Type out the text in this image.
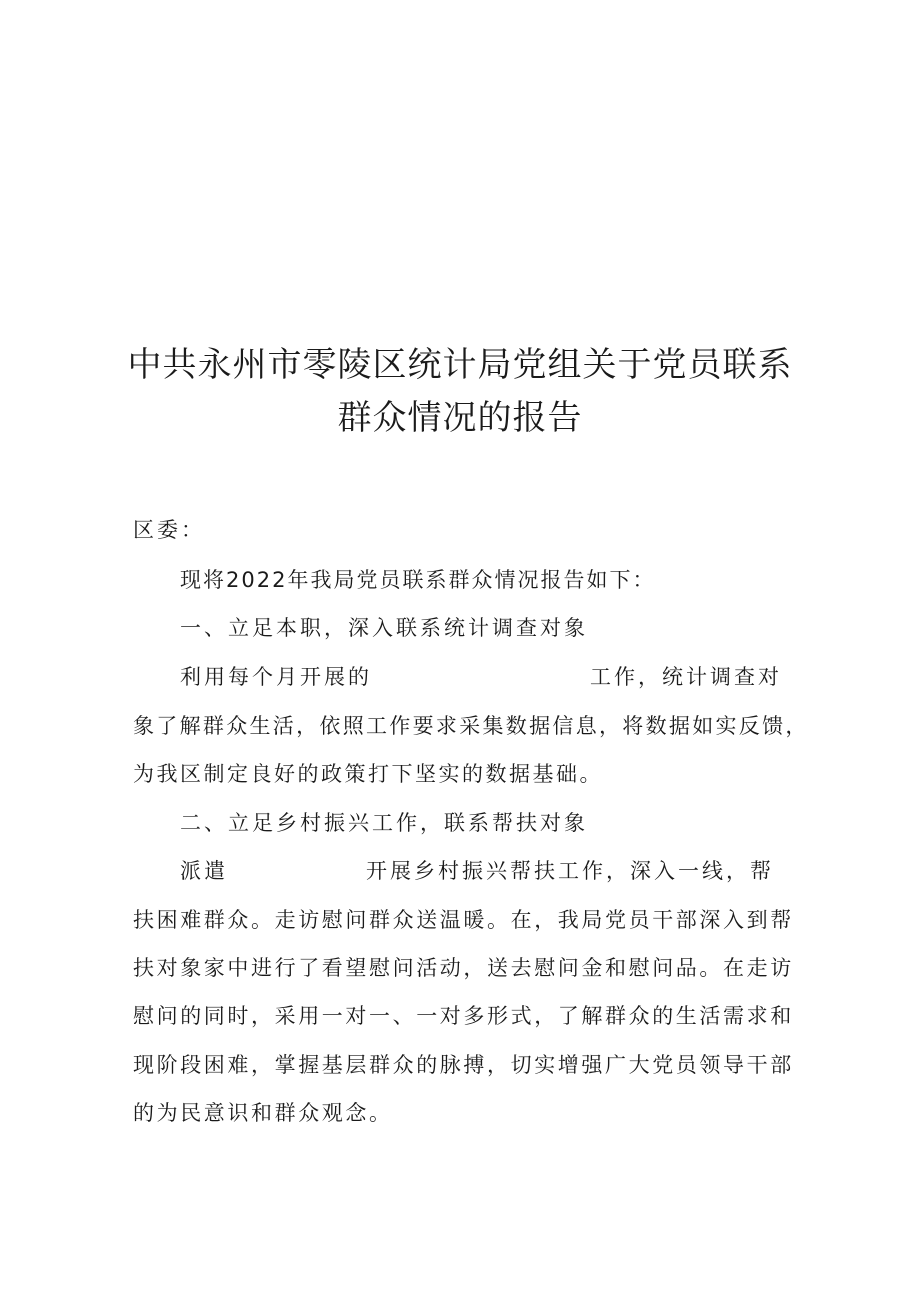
中共永州市零陵区统计局党组关于党员联系
群众情况的报告
区委：
现将2022年我局党员联系群众情况报告如下：
一、立足本职，深入联系统计调查对象
利用每个月开展的	工作，统计调查对
象了解群众生活，依照工作要求采集数据信息，将数据如实反馈，
为我区制定良好的政策打下坚实的数据基础。
二、立足乡村振兴工作，联系帮扶对象
派遣	开展乡村振兴帮扶工作，深入一线，帮
扶困难群众。走访慰问群众送温暖。在，我局党员干部深入到帮
扶对象家中进行了看望慰问活动，送去慰问金和慰问品。在走访
慰问的同时，采用一对一、一对多形式，了解群众的生活需求和
现阶段困难，掌握基层群众的脉搏，切实增强广大党员领导干部
的为民意识和群众观念。
